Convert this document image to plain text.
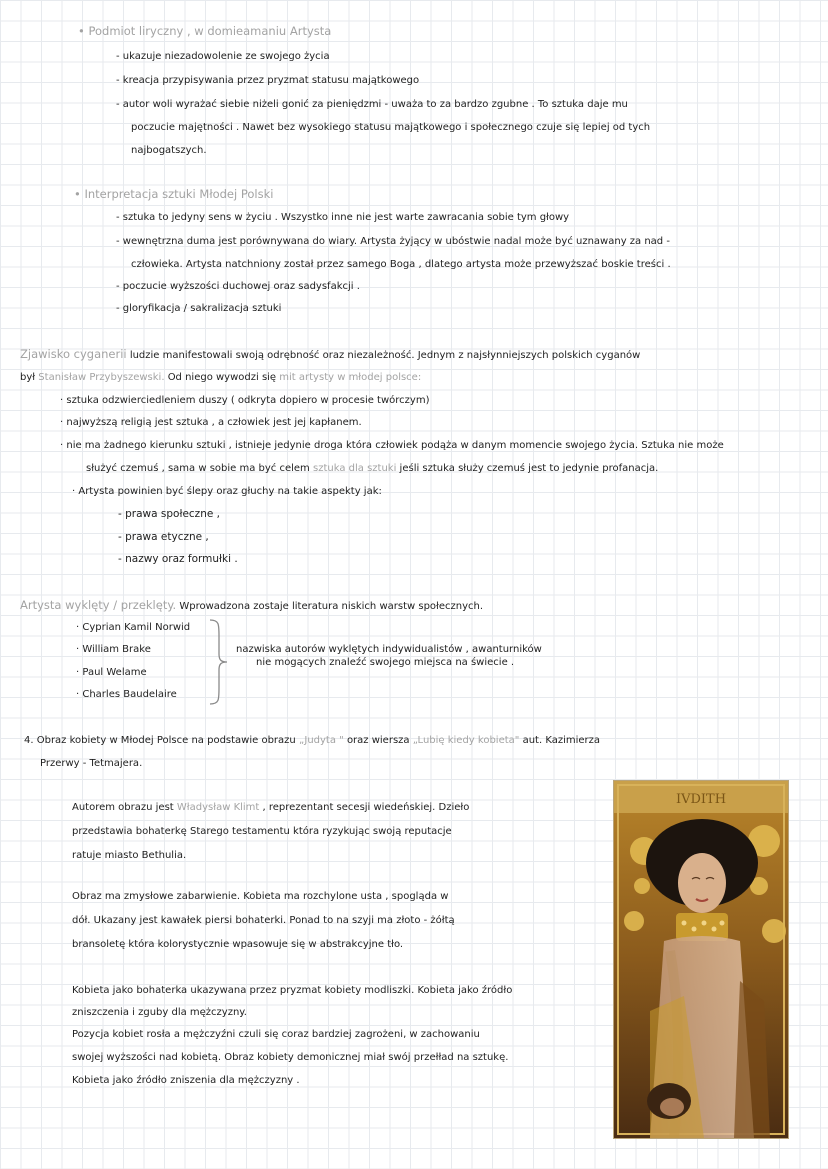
• Podmiot liryczny , w domieamaniu Artysta
- ukazuje niezadowolenie ze swojego życia
- kreacja przypisywania przez pryzmat statusu majątkowego
- autor woli wyrażać siebie niżeli gonić za pieniędzmi - uważa to za bardzo zgubne . To sztuka daje mu
poczucie majętności . Nawet bez wysokiego statusu majątkowego i społecznego czuje się lepiej od tych
najbogatszych.
• Interpretacja sztuki Młodej Polski
- sztuka to jedyny sens w życiu . Wszystko inne nie jest warte zawracania sobie tym głowy
- wewnętrzna duma jest porównywana do wiary. Artysta żyjący w ubóstwie nadal może być uznawany za nad -
człowieka. Artysta natchniony został przez samego Boga , dlatego artysta może przewyższać boskie treści .
- poczucie wyższości duchowej oraz sadysfakcji .
- gloryfikacja / sakralizacja sztuki
Zjawisko cyganerii ludzie manifestowali swoją odrębność oraz niezależność. Jednym z najsłynniejszych polskich cyganów
był Stanisław Przybyszewski. Od niego wywodzi się mit artysty w młodej polsce:
· sztuka odzwierciedleniem duszy ( odkryta dopiero w procesie twórczym)
· najwyższą religią jest sztuka , a człowiek jest jej kapłanem.
· nie ma żadnego kierunku sztuki , istnieje jedynie droga która człowiek podąża w danym momencie swojego życia. Sztuka nie może
służyć czemuś , sama w sobie ma być celem sztuka dla sztuki jeśli sztuka służy czemuś jest to jedynie profanacja.
· Artysta powinien być ślepy oraz głuchy na takie aspekty jak:
- prawa społeczne ,
- prawa etyczne ,
- nazwy oraz formułki .
Artysta wyklęty / przeklęty. Wprowadzona zostaje literatura niskich warstw społecznych.
· Cyprian Kamil Norwid
· William Brake
· Paul Welame
· Charles Baudelaire
nazwiska autorów wyklętych indywidualistów , awanturników
nie mogących znaleźć swojego miejsca na świecie .
4. Obraz kobiety w Młodej Polsce na podstawie obrazu „Judyta " oraz wiersza „Lubię kiedy kobieta" aut. Kazimierza
Przerwy - Tetmajera.
Autorem obrazu jest Władysław Klimt , reprezentant secesji wiedeńskiej. Dzieło
przedstawia bohaterkę Starego testamentu która ryzykując swoją reputacje
ratuje miasto Bethulia.
Obraz ma zmysłowe zabarwienie. Kobieta ma rozchylone usta , spogląda w
dół. Ukazany jest kawałek piersi bohaterki. Ponad to na szyji ma złoto - żółtą
bransoletę która kolorystycznie wpasowuje się w abstrakcyjne tło.
Kobieta jako bohaterka ukazywana przez pryzmat kobiety modliszki. Kobieta jako źródło
zniszczenia i zguby dla mężczyzny.
Pozycja kobiet rosła a mężczyźni czuli się coraz bardziej zagrożeni, w zachowaniu
swojej wyższości nad kobietą. Obraz kobiety demonicznej miał swój przełład na sztukę.
Kobieta jako źródło zniszenia dla mężczyzny .
IVDITH
